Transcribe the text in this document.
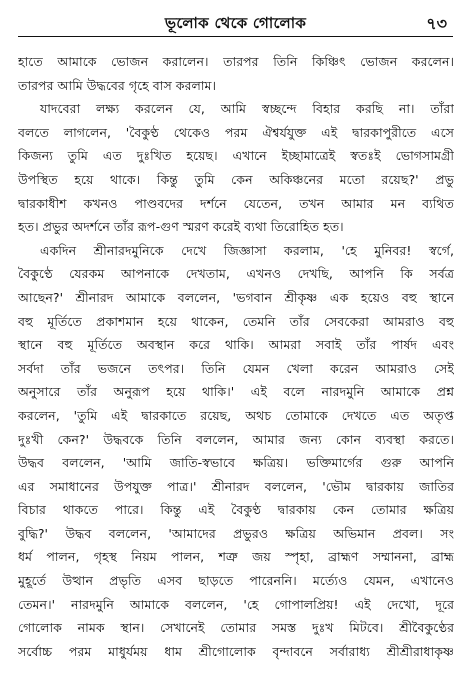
ভূলোক থেকে গোলোক	৭৩
হাতে আমাকে ভোজন করালেন। তারপর তিনি কিঞ্চিৎ ভোজন করলেন।
তারপর আমি উদ্ধবের গৃহে বাস করলাম।
যাদবেরা লক্ষ্য করলেন যে, আমি স্বচ্ছন্দে বিহার করছি না। তাঁরা
বলতে লাগলেন, 'বৈকুণ্ঠ থেকেও পরম ঐশ্বর্যযুক্ত এই দ্বারকাপুরীতে এসে
কিজন্য তুমি এত দুঃখিত হয়েছ। এখানে ইচ্ছামাত্রেই স্বতঃই ভোগসামগ্রী
উপস্থিত হয়ে থাকে। কিন্তু তুমি কেন অকিঞ্চনের মতো রয়েছ?' প্রভু
দ্বারকাধীশ কখনও পাণ্ডবদের দর্শনে যেতেন, তখন আমার মন ব্যথিত
হত। প্রভুর অদর্শনে তাঁর রূপ-গুণ স্মরণ করেই ব্যথা তিরোহিত হত।
একদিন শ্রীনারদমুনিকে দেখে জিজ্ঞাসা করলাম, 'হে মুনিবর! স্বর্গে,
বৈকুণ্ঠে যেরকম আপনাকে দেখতাম, এখনও দেখছি, আপনি কি সর্বত্র
আছেন?' শ্রীনারদ আমাকে বললেন, 'ভগবান শ্রীকৃষ্ণ এক হয়েও বহু স্থানে
বহু মূর্তিতে প্রকাশমান হয়ে থাকেন, তেমনি তাঁর সেবকেরা আমরাও বহু
স্থানে বহু মূর্তিতে অবস্থান করে থাকি। আমরা সবাই তাঁর পার্ষদ এবং
সর্বদা তাঁর ভজনে তৎপর। তিনি যেমন খেলা করেন আমরাও সেই
অনুসারে তাঁর অনুরূপ হয়ে থাকি।' এই বলে নারদমুনি আমাকে প্রশ্ন
করলেন, 'তুমি এই দ্বারকাতে রয়েছ, অথচ তোমাকে দেখতে এত অতৃপ্ত
দুঃখী কেন?' উদ্ধবকে তিনি বললেন, আমার জন্য কোন ব্যবস্থা করতে।
উদ্ধব বললেন, 'আমি জাতি-স্বভাবে ক্ষত্রিয়। ভক্তিমার্গের গুরু আপনি
এর সমাধানের উপযুক্ত পাত্র।' শ্রীনারদ বললেন, 'ভৌম দ্বারকায় জাতির
বিচার থাকতে পারে। কিন্তু এই বৈকুণ্ঠ দ্বারকায় কেন তোমার ক্ষত্রিয়
বুদ্ধি?' উদ্ধব বললেন, 'আমাদের প্রভুরও ক্ষত্রিয় অভিমান প্রবল। সং
ধর্ম পালন, গৃহস্থ নিয়ম পালন, শত্রু জয় স্পৃহা, ব্রাহ্মণ সম্মাননা, ব্রাহ্ম
মুহূর্তে উত্থান প্রভৃতি এসব ছাড়তে পারেননি। মর্ত্যেও যেমন, এখানেও
তেমন।' নারদমুনি আমাকে বললেন, 'হে গোপালপ্রিয়! এই দেখো, দূরে
গোলোক নামক স্থান। সেখানেই তোমার সমস্ত দুঃখ মিটবে। শ্রীবৈকুণ্ঠের
সর্বোচ্চ পরম মাধুর্যময় ধাম শ্রীগোলোক বৃন্দাবনে সর্বারাধ্য শ্রীশ্রীরাধাকৃষ্ণ
